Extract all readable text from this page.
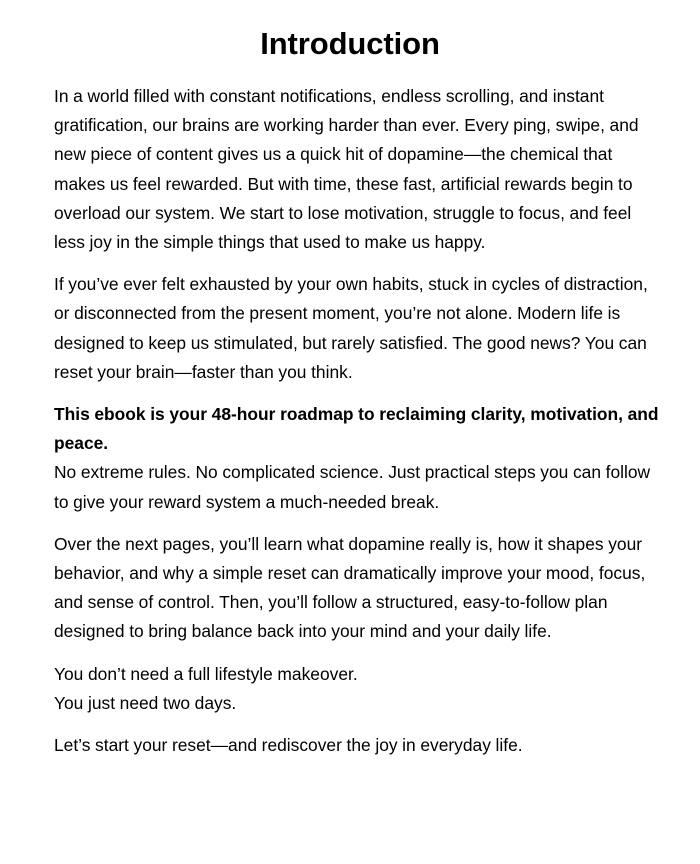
Introduction

In a world filled with constant notifications, endless scrolling, and instant gratification, our brains are working harder than ever. Every ping, swipe, and new piece of content gives us a quick hit of dopamine—the chemical that makes us feel rewarded. But with time, these fast, artificial rewards begin to overload our system. We start to lose motivation, struggle to focus, and feel less joy in the simple things that used to make us happy.

If you’ve ever felt exhausted by your own habits, stuck in cycles of distraction, or disconnected from the present moment, you’re not alone. Modern life is designed to keep us stimulated, but rarely satisfied. The good news? You can reset your brain—faster than you think.

This ebook is your 48-hour roadmap to reclaiming clarity, motivation, and peace.
No extreme rules. No complicated science. Just practical steps you can follow to give your reward system a much-needed break.

Over the next pages, you’ll learn what dopamine really is, how it shapes your behavior, and why a simple reset can dramatically improve your mood, focus, and sense of control. Then, you’ll follow a structured, easy-to-follow plan designed to bring balance back into your mind and your daily life.

You don’t need a full lifestyle makeover.
You just need two days.

Let’s start your reset—and rediscover the joy in everyday life.
